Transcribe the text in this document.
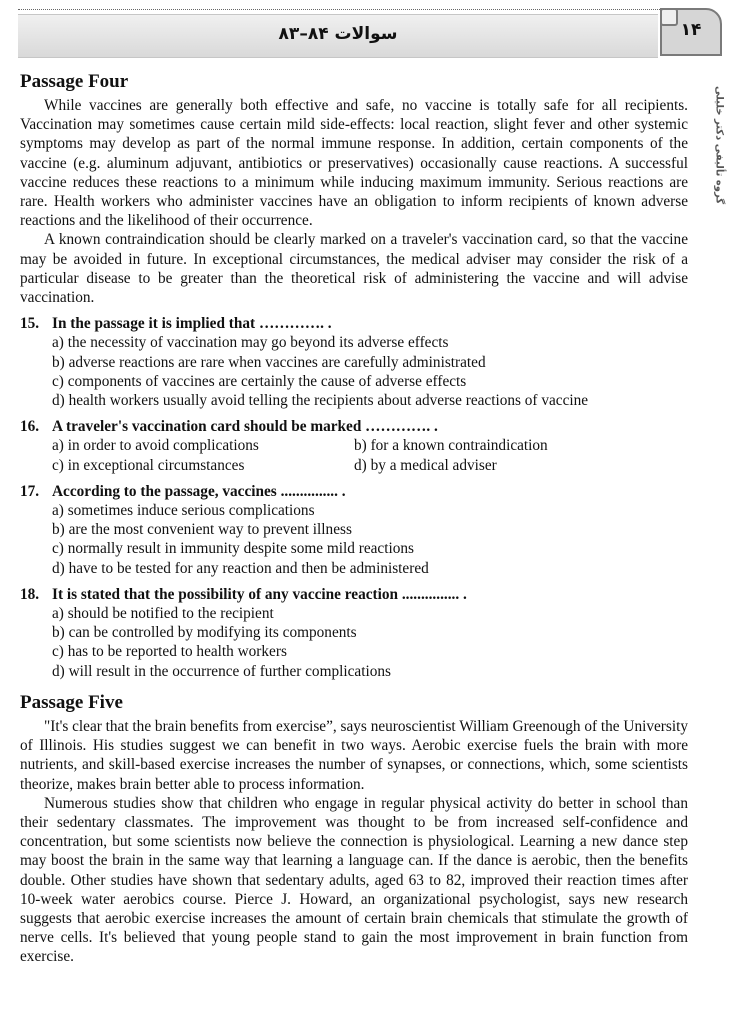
سوالات ۸۴–۸۳	۱۴
گروه تألیفی دکتر خلیلی
Passage Four

While vaccines are generally both effective and safe, no vaccine is totally safe for all recipients. Vaccination may sometimes cause certain mild side-effects: local reaction, slight fever and other systemic symptoms may develop as part of the normal immune response. In addition, certain components of the vaccine (e.g. aluminum adjuvant, antibiotics or preservatives) occasionally cause reactions. A successful vaccine reduces these reactions to a minimum while inducing maximum immunity. Serious reactions are rare. Health workers who administer vaccines have an obligation to inform recipients of known adverse reactions and the likelihood of their occurrence.

A known contraindication should be clearly marked on a traveler's vaccination card, so that the vaccine may be avoided in future. In exceptional circumstances, the medical adviser may consider the risk of a particular disease to be greater than the theoretical risk of administering the vaccine and will advise vaccination.

15. In the passage it is implied that …………. .
a) the necessity of vaccination may go beyond its adverse effects
b) adverse reactions are rare when vaccines are carefully administrated
c) components of vaccines are certainly the cause of adverse effects
d) health workers usually avoid telling the recipients about adverse reactions of vaccine
16. A traveler's vaccination card should be marked …………. .
a) in order to avoid complications	b) for a known contraindication
c) in exceptional circumstances	d) by a medical adviser
17. According to the passage, vaccines ............... .
a) sometimes induce serious complications
b) are the most convenient way to prevent illness
c) normally result in immunity despite some mild reactions
d) have to be tested for any reaction and then be administered
18. It is stated that the possibility of any vaccine reaction ............... .
a) should be notified to the recipient
b) can be controlled by modifying its components
c) has to be reported to health workers
d) will result in the occurrence of further complications
Passage Five

"It's clear that the brain benefits from exercise”, says neuroscientist William Greenough of the University of Illinois. His studies suggest we can benefit in two ways. Aerobic exercise fuels the brain with more nutrients, and skill-based exercise increases the number of synapses, or connections, which, some scientists theorize, makes brain better able to process information.

Numerous studies show that children who engage in regular physical activity do better in school than their sedentary classmates. The improvement was thought to be from increased self-confidence and concentration, but some scientists now believe the connection is physiological. Learning a new dance step may boost the brain in the same way that learning a language can. If the dance is aerobic, then the benefits double. Other studies have shown that sedentary adults, aged 63 to 82, improved their reaction times after 10-week water aerobics course. Pierce J. Howard, an organizational psychologist, says new research suggests that aerobic exercise increases the amount of certain brain chemicals that stimulate the growth of nerve cells. It's believed that young people stand to gain the most improvement in brain function from exercise.
